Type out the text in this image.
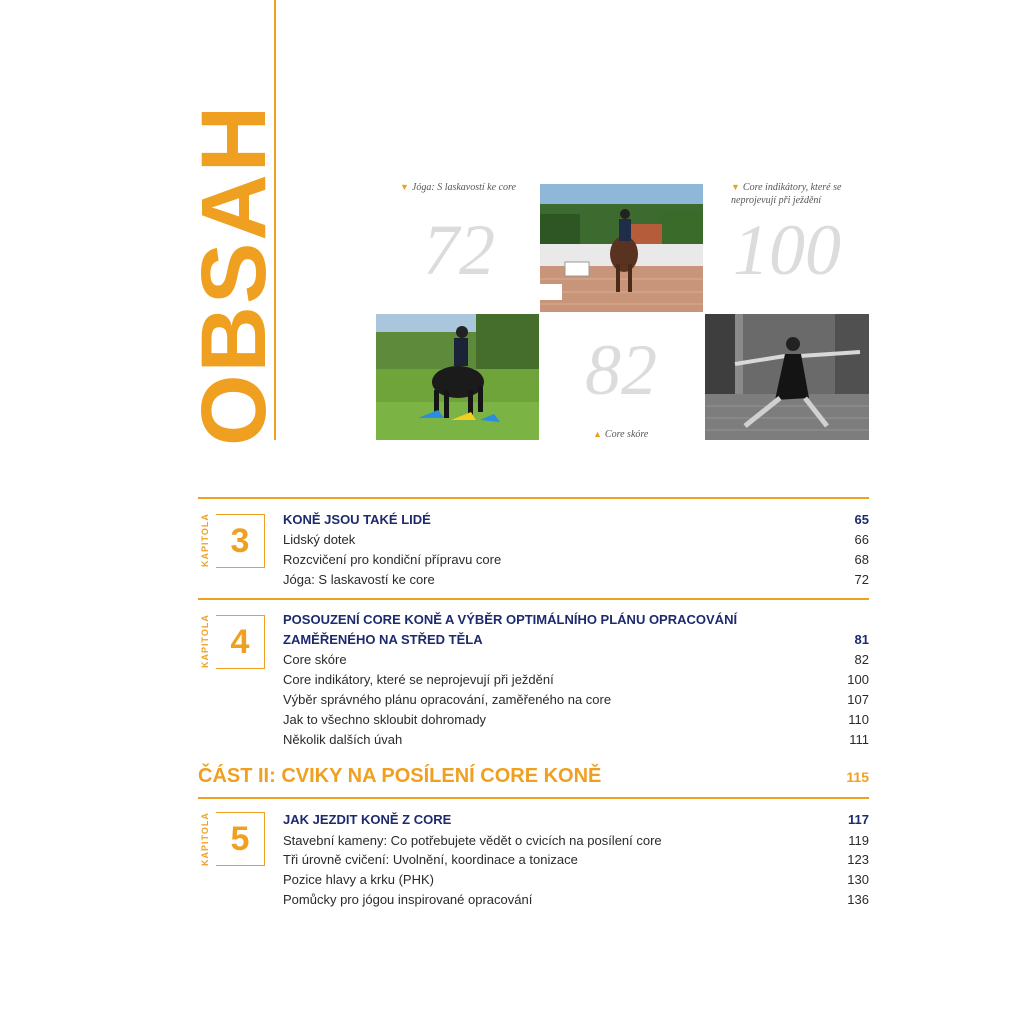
OBSAH	▼ Jóga: S laskavostí ke core
72
▼ Core indikátory, které se neprojevují při ježdění
100
82
▲ Core skóre
KAPITOLA 3
KONĚ JSOU TAKÉ LIDÉ	65
Lidský dotek	66
Rozcvičení pro kondiční přípravu core	68
Jóga: S laskavostí ke core	72
KAPITOLA 4
POSOUZENÍ CORE KONĚ A VÝBĚR OPTIMÁLNÍHO PLÁNU OPRACOVÁNÍ
ZAMĚŘENÉHO NA STŘED TĚLA	81
Core skóre	82
Core indikátory, které se neprojevují při ježdění	100
Výběr správného plánu opracování, zaměřeného na core	107
Jak to všechno skloubit dohromady	110
Několik dalších úvah	111
ČÁST II: CVIKY NA POSÍLENÍ CORE KONĚ	115
KAPITOLA 5	JAK JEZDIT KONĚ Z CORE	117
Stavební kameny: Co potřebujete vědět o cvicích na posílení core	119
Tři úrovně cvičení: Uvolnění, koordinace a tonizace	123
Pozice hlavy a krku (PHK)	130
Pomůcky pro jógou inspirované opracování	136
